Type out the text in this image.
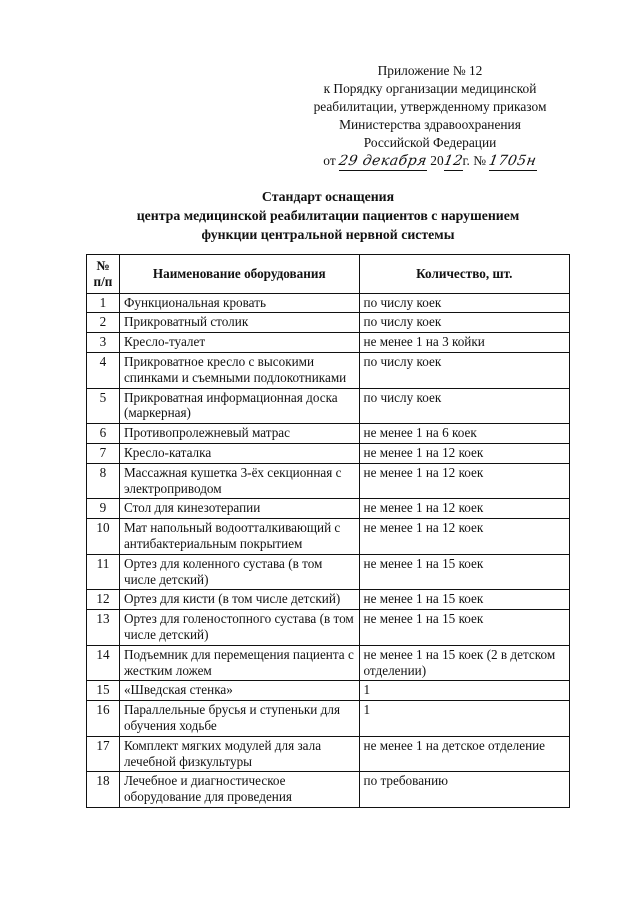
Приложение № 12
к Порядку организации медицинской
реабилитации, утвержденному приказом
Министерства здравоохранения
Российской Федерации
от 29 декабря 2012г. № 1705н
Стандарт оснащения
центра медицинской реабилитации пациентов с нарушением
функции центральной нервной системы
№
п/п	Наименование оборудования	Количество, шт.
1	Функциональная кровать	по числу коек
2	Прикроватный столик	по числу коек
3	Кресло-туалет	не менее 1 на 3 койки
4	Прикроватное кресло с высокими спинками и съемными подлокотниками	по числу коек
5	Прикроватная информационная доска (маркерная)	по числу коек
6	Противопролежневый матрас	не менее 1 на 6 коек
7	Кресло-каталка	не менее 1 на 12 коек
8	Массажная кушетка 3-ёх секционная с электроприводом	не менее 1 на 12 коек
9	Стол для кинезотерапии	не менее 1 на 12 коек
10	Мат напольный водоотталкивающий с антибактериальным покрытием	не менее 1 на 12 коек
11	Ортез для коленного сустава (в том числе детский)	не менее 1 на 15 коек
12	Ортез для кисти (в том числе детский)	не менее 1 на 15 коек
13	Ортез для голеностопного сустава (в том числе детский)	не менее 1 на 15 коек
14	Подъемник для перемещения пациента с жестким ложем	не менее 1 на 15 коек (2 в детском отделении)
15	«Шведская стенка»	1
16	Параллельные брусья и ступеньки для обучения ходьбе	1
17	Комплект мягких модулей для зала лечебной физкультуры	не менее 1 на детское отделение
18	Лечебное и диагностическое оборудование для проведения	по требованию
